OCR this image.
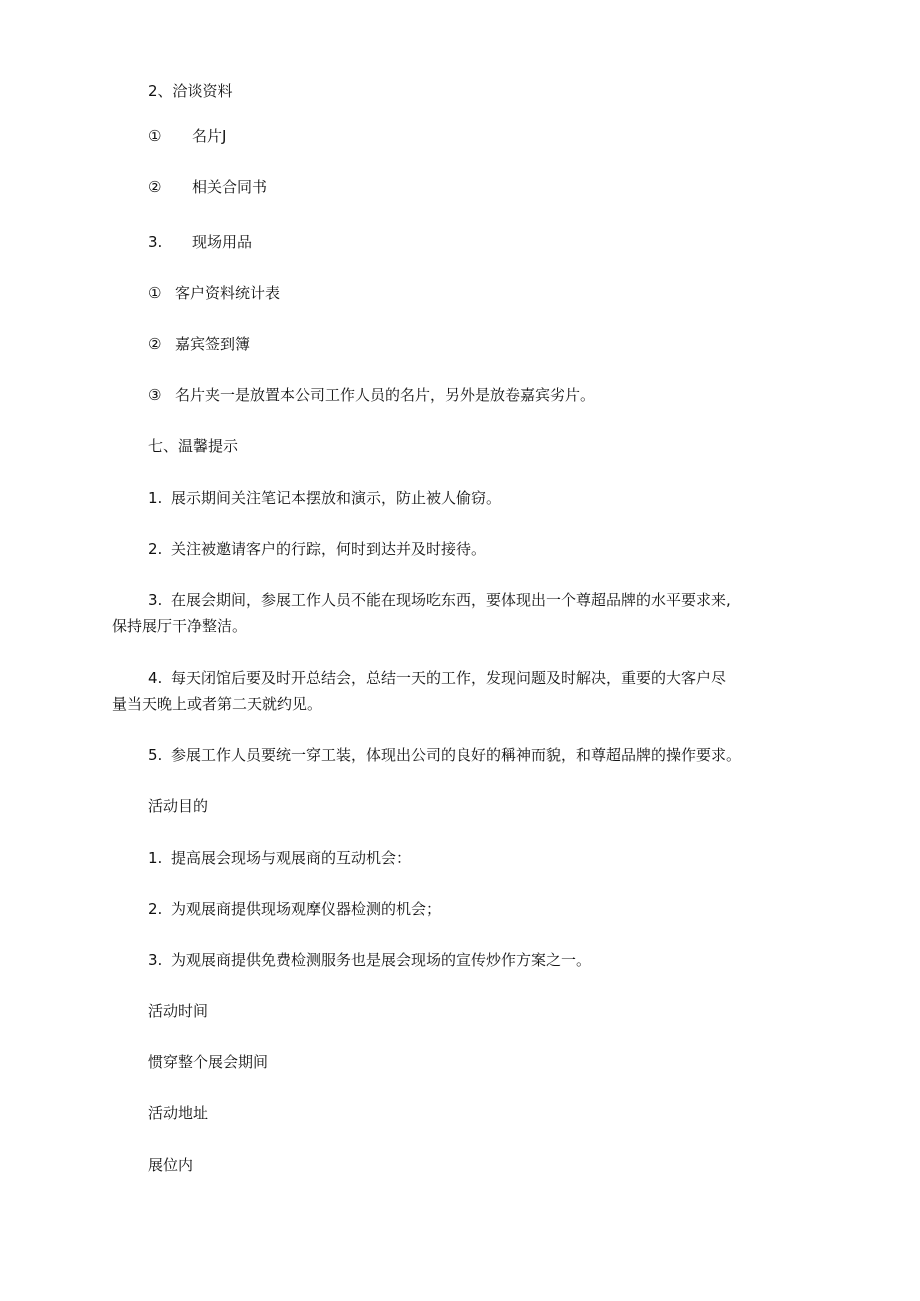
2、洽谈资料
① 名片J
② 相关合同书
3. 现场用品
① 客户资料统计表
② 嘉宾签到簿
③ 名片夹一是放置本公司工作人员的名片，另外是放卷嘉宾劣片。
七、温馨提示
1. 展示期间关注笔记本摆放和演示，防止被人偷窃。
2. 关注被邀请客户的行踪，何时到达并及时接待。
3. 在展会期间，参展工作人员不能在现场吃东西，要体现出一个尊超品牌的水平要求来,
保持展厅干净整洁。
4. 每天闭馆后要及时开总结会，总结一天的工作，发现问题及时解决，重要的大客户尽
量当天晚上或者第二天就约见。
5. 参展工作人员要统一穿工装，体现出公司的良好的稱神而貌，和尊超品牌的操作要求。
活动目的
1. 提高展会现场与观展商的互动机会：
2. 为观展商提供现场观摩仪器检测的机会；
3. 为观展商提供免费检测服务也是展会现场的宣传炒作方案之一。
活动时间
惯穿整个展会期间
活动地址
展位内
